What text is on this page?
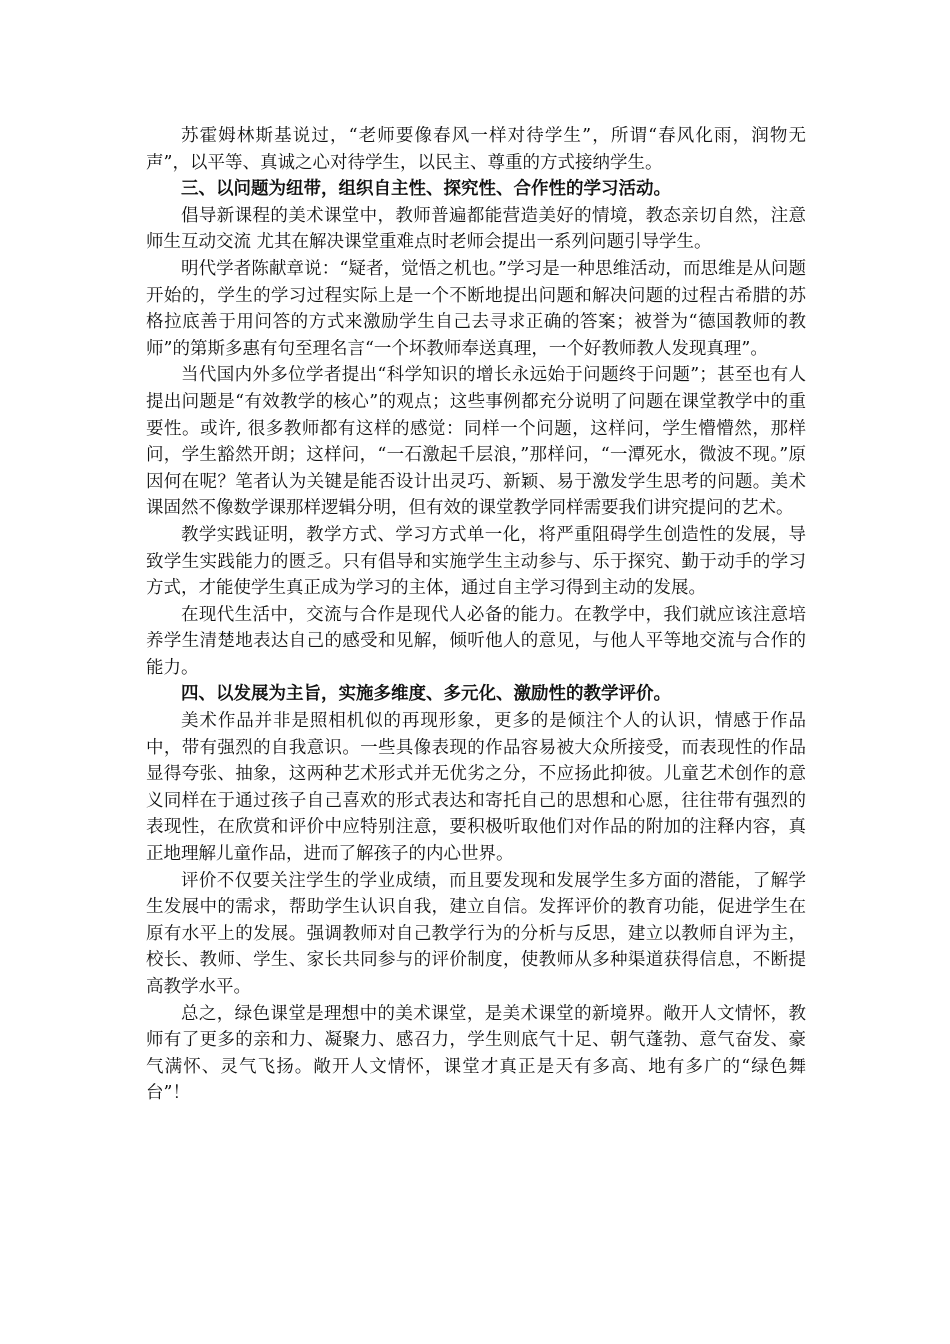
苏霍姆林斯基说过，“老师要像春风一样对待学生”，所谓“春风化雨，润物无声”，以平等、真诚之心对待学生，以民主、尊重的方式接纳学生。

三、以问题为纽带，组织自主性、探究性、合作性的学习活动。

倡导新课程的美术课堂中，教师普遍都能营造美好的情境，教态亲切自然，注意师生互动交流 尤其在解决课堂重难点时老师会提出一系列问题引导学生。

明代学者陈献章说：“疑者，觉悟之机也。”学习是一种思维活动，而思维是从问题开始的，学生的学习过程实际上是一个不断地提出问题和解决问题的过程古希腊的苏格拉底善于用问答的方式来激励学生自己去寻求正确的答案；被誉为“德国教师的教师”的第斯多惠有句至理名言“一个坏教师奉送真理，一个好教师教人发现真理”。

当代国内外多位学者提出“科学知识的增长永远始于问题终于问题”；甚至也有人提出问题是“有效教学的核心”的观点；这些事例都充分说明了问题在课堂教学中的重要性。或许, 很多教师都有这样的感觉：同样一个问题，这样问，学生懵懵然，那样问，学生豁然开朗；这样问，“一石激起千层浪，”那样问，“一潭死水，微波不现。”原因何在呢？笔者认为关键是能否设计出灵巧、新颖、易于激发学生思考的问题。美术课固然不像数学课那样逻辑分明，但有效的课堂教学同样需要我们讲究提问的艺术。

教学实践证明，教学方式、学习方式单一化，将严重阻碍学生创造性的发展，导致学生实践能力的匮乏。只有倡导和实施学生主动参与、乐于探究、勤于动手的学习方式，才能使学生真正成为学习的主体，通过自主学习得到主动的发展。

在现代生活中，交流与合作是现代人必备的能力。在教学中，我们就应该注意培养学生清楚地表达自己的感受和见解，倾听他人的意见，与他人平等地交流与合作的能力。

四、以发展为主旨，实施多维度、多元化、激励性的教学评价。

美术作品并非是照相机似的再现形象，更多的是倾注个人的认识，情感于作品中，带有强烈的自我意识。一些具像表现的作品容易被大众所接受，而表现性的作品显得夸张、抽象，这两种艺术形式并无优劣之分，不应扬此抑彼。儿童艺术创作的意义同样在于通过孩子自己喜欢的形式表达和寄托自己的思想和心愿，往往带有强烈的表现性，在欣赏和评价中应特别注意，要积极听取他们对作品的附加的注释内容，真正地理解儿童作品，进而了解孩子的内心世界。

评价不仅要关注学生的学业成绩，而且要发现和发展学生多方面的潜能，了解学生发展中的需求，帮助学生认识自我，建立自信。发挥评价的教育功能，促进学生在原有水平上的发展。强调教师对自己教学行为的分析与反思，建立以教师自评为主，校长、教师、学生、家长共同参与的评价制度，使教师从多种渠道获得信息，不断提高教学水平。

总之，绿色课堂是理想中的美术课堂，是美术课堂的新境界。敞开人文情怀，教师有了更多的亲和力、凝聚力、感召力，学生则底气十足、朝气蓬勃、意气奋发、豪气满怀、灵气飞扬。敞开人文情怀，课堂才真正是天有多高、地有多广的“绿色舞台”！
